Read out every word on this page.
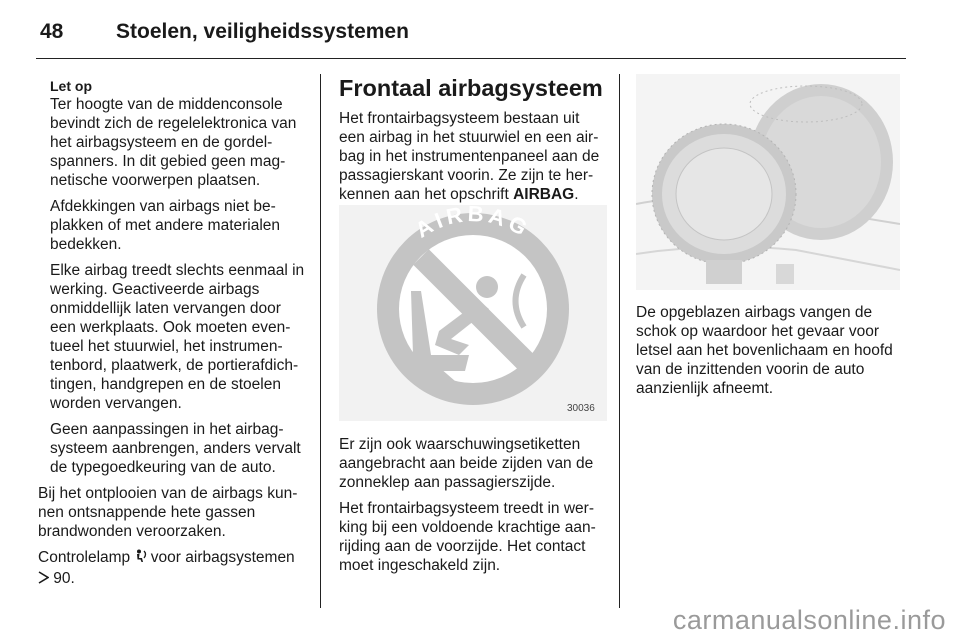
48	Stoelen, veiligheidssystemen

Let op

Ter hoogte van de middenconsole bevindt zich de regelelektronica van het airbagsysteem en de gordelspanners. In dit gebied geen magnetische voorwerpen plaatsen.

Afdekkingen van airbags niet beplakken of met andere materialen bedekken.

Elke airbag treedt slechts eenmaal in werking. Geactiveerde airbags onmiddellijk laten vervangen door een werkplaats. Ook moeten eventueel het stuurwiel, het instrumentenbord, plaatwerk, de portierafdichtingen, handgrepen en de stoelen worden vervangen.

Geen aanpassingen in het airbagsysteem aanbrengen, anders vervalt de typegoedkeuring van de auto.

Bij het ontplooien van de airbags kunnen ontsnappende hete gassen brandwonden veroorzaken.

Controlelamp  voor airbagsystemen
90.

Frontaal airbagsysteem

Het frontairbagsysteem bestaan uit een airbag in het stuurwiel en een airbag in het instrumentenpaneel aan de passagierskant voorin. Ze zijn te herkennen aan het opschrift AIRBAG.

AIRBAG
30036

Er zijn ook waarschuwingsetiketten aangebracht aan beide zijden van de zonneklep aan passagierszijde.

Het frontairbagsysteem treedt in werking bij een voldoende krachtige aanrijding aan de voorzijde. Het contact moet ingeschakeld zijn.

De opgeblazen airbags vangen de schok op waardoor het gevaar voor letsel aan het bovenlichaam en hoofd van de inzittenden voorin de auto aanzienlijk afneemt.

carmanualsonline.info
